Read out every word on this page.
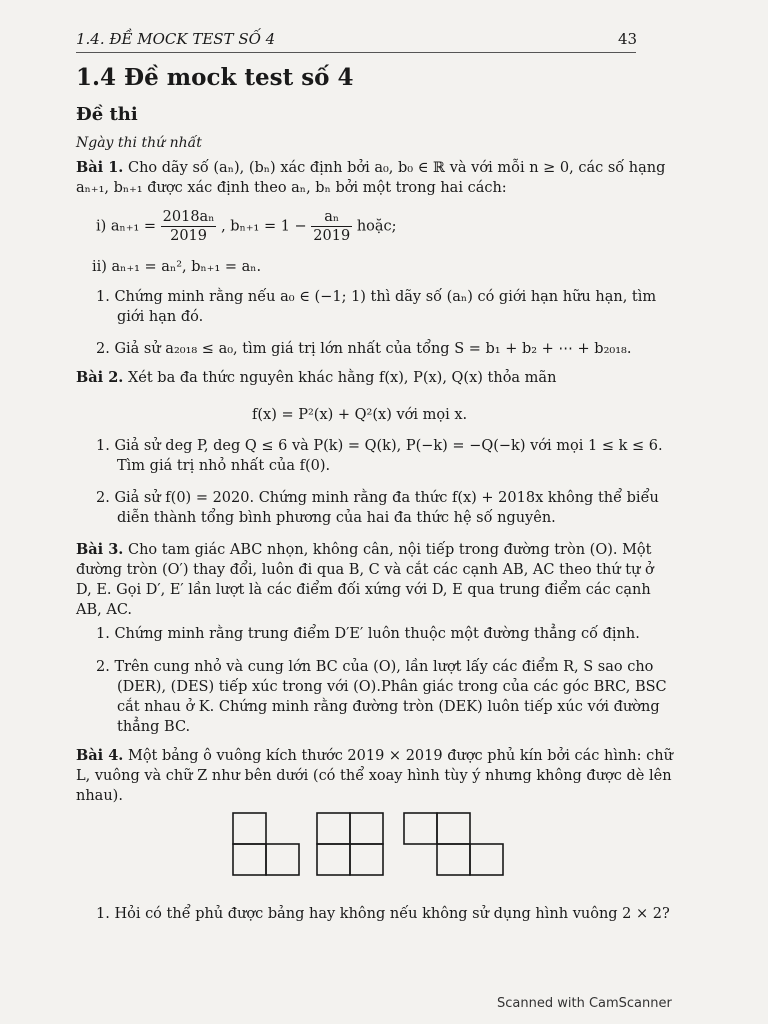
1.4. ĐỀ MOCK TEST SỐ 4	43
1.4 Đề mock test số 4
Đề thi
Ngày thi thứ nhất
Bài 1. Cho dãy số (aₙ), (bₙ) xác định bởi a₀, b₀ ∈ ℝ và với mỗi n ≥ 0, các số hạng
aₙ₊₁, bₙ₊₁ được xác định theo aₙ, bₙ bởi một trong hai cách:
i) $a_{n+1} = \frac{\text{2018aₙ}}{2019}$ , $b_{n+1} = 1 - \frac{\text{aₙ}}{2019}$ hoặc;
ii) aₙ₊₁ = aₙ², bₙ₊₁ = aₙ.
1. Chứng minh rằng nếu a₀ ∈ (−1; 1) thì dãy số (aₙ) có giới hạn hữu hạn, tìm
giới hạn đó.
2. Giả sử a₂₀₁₈ ≤ a₀, tìm giá trị lớn nhất của tổng S = b₁ + b₂ + ⋯ + b₂₀₁₈.
Bài 2. Xét ba đa thức nguyên khác hằng f(x), P(x), Q(x) thỏa mãn
f(x) = P²(x) + Q²(x) với mọi x.
1. Giả sử deg P, deg Q ≤ 6 và P(k) = Q(k), P(−k) = −Q(−k) với mọi 1 ≤ k ≤ 6.
Tìm giá trị nhỏ nhất của f(0).
2. Giả sử f(0) = 2020. Chứng minh rằng đa thức f(x) + 2018x không thể biểu
diễn thành tổng bình phương của hai đa thức hệ số nguyên.
Bài 3. Cho tam giác ABC nhọn, không cân, nội tiếp trong đường tròn (O). Một
đường tròn (O′) thay đổi, luôn đi qua B, C và cắt các cạnh AB, AC theo thứ tự ở
D, E. Gọi D′, E′ lần lượt là các điểm đối xứng với D, E qua trung điểm các cạnh
AB, AC.
1. Chứng minh rằng trung điểm D′E′ luôn thuộc một đường thẳng cố định.
2. Trên cung nhỏ và cung lớn BC của (O), lần lượt lấy các điểm R, S sao cho
(DER), (DES) tiếp xúc trong với (O).Phân giác trong của các góc BRC, BSC
cắt nhau ở K. Chứng minh rằng đường tròn (DEK) luôn tiếp xúc với đường
thẳng BC.
Bài 4. Một bảng ô vuông kích thước 2019 × 2019 được phủ kín bởi các hình: chữ
L, vuông và chữ Z như bên dưới (có thể xoay hình tùy ý nhưng không được dè lên
nhau).
1. Hỏi có thể phủ được bảng hay không nếu không sử dụng hình vuông 2 × 2?
Scanned with CamScanner
